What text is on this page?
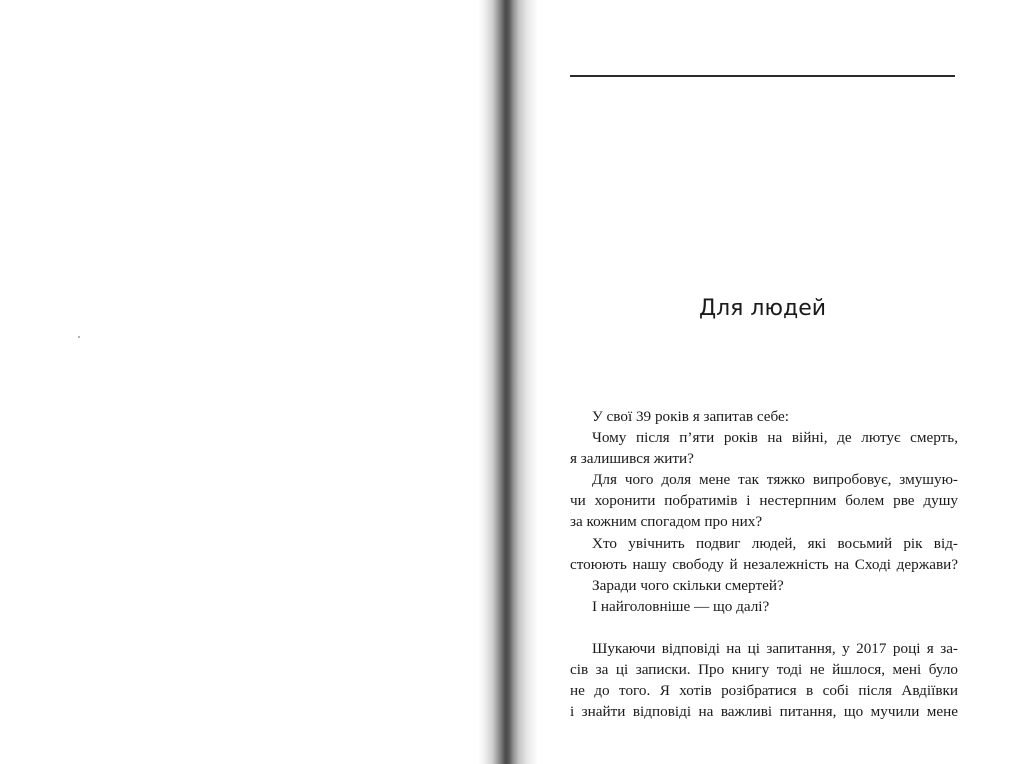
Для людей
У свої 39 років я запитав себе:
Чому після п’яти років на війні, де лютує смерть,
я залишився жити?
Для чого доля мене так тяжко випробовує, змушую-
чи хоронити побратимів і нестерпним болем рве душу
за кожним спогадом про них?
Хто увічнить подвиг людей, які восьмий рік від-
стоюють нашу свободу й незалежність на Сході держави?
Заради чого скільки смертей?
І найголовніше — що далі?
Шукаючи відповіді на ці запитання, у 2017 році я за-
сів за ці записки. Про книгу тоді не йшлося, мені було
не до того. Я хотів розібратися в собі після Авдіївки
і знайти відповіді на важливі питання, що мучили мене
